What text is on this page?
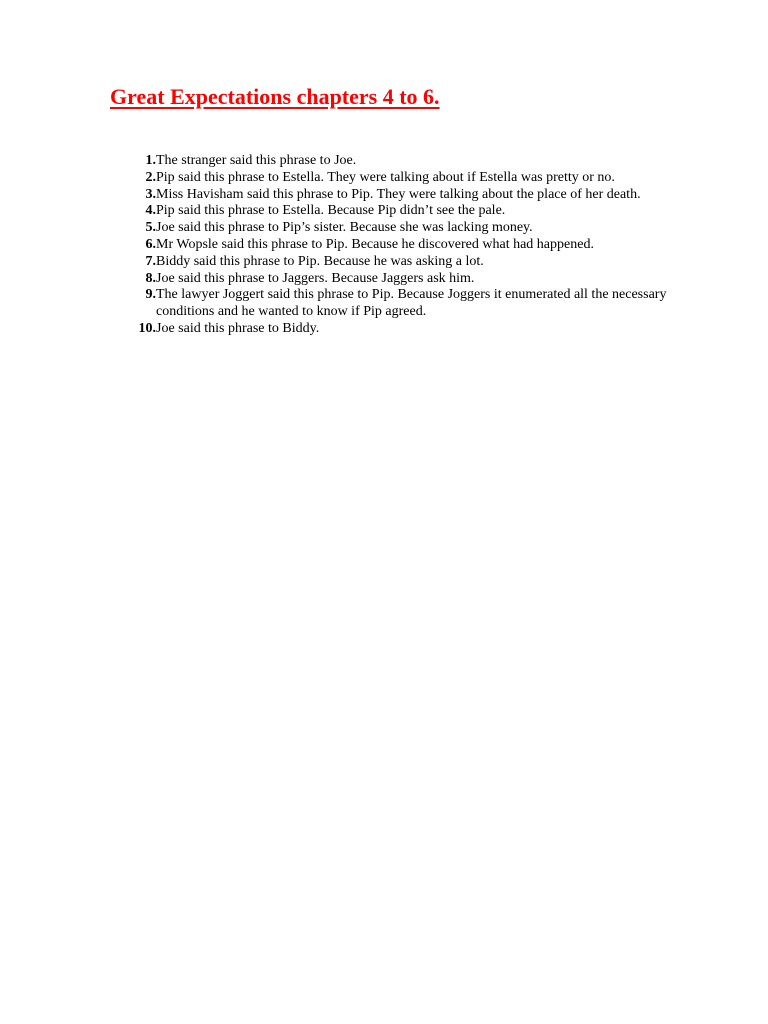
Great Expectations chapters 4 to 6.
1. The stranger said this phrase to Joe.
2. Pip said this phrase to Estella. They were talking about if Estella was pretty or no.
3. Miss Havisham said this phrase to Pip. They were talking about the place of her death.
4. Pip said this phrase to Estella. Because Pip didn’t see the pale.
5. Joe said this phrase to Pip’s sister. Because she was lacking money.
6. Mr Wopsle said this phrase to Pip. Because he discovered what had happened.
7. Biddy said this phrase to Pip. Because he was asking a lot.
8. Joe said this phrase to Jaggers. Because Jaggers ask him.
9. The lawyer Joggert said this phrase to Pip. Because Joggers it enumerated all the necessary conditions and he wanted to know if Pip agreed.
10. Joe said this phrase to Biddy.
